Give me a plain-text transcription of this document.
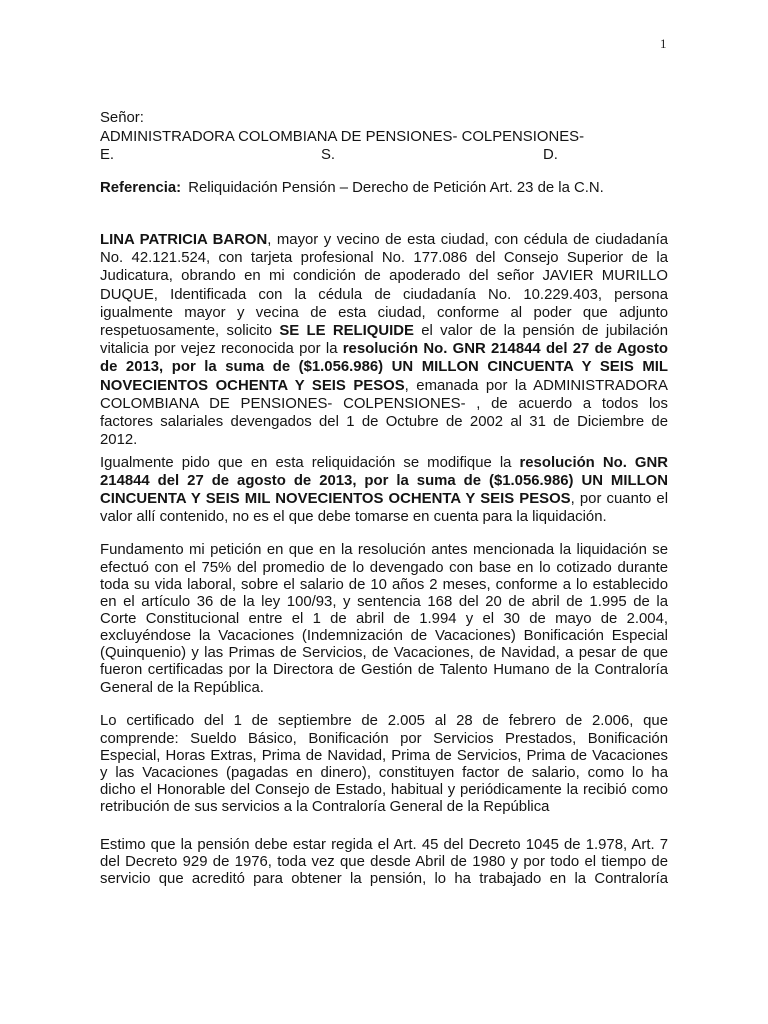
1
Señor:
ADMINISTRADORA COLOMBIANA DE PENSIONES- COLPENSIONES-
E.	S.	D.
Referencia: Reliquidación Pensión – Derecho de Petición Art. 23 de la C.N.
LINA PATRICIA BARON, mayor y vecino de esta ciudad, con cédula de ciudadanía
No. 42.121.524, con tarjeta profesional No. 177.086 del Consejo Superior de la
Judicatura, obrando en mi condición de apoderado del señor JAVIER MURILLO
DUQUE, Identificada con la cédula de ciudadanía No. 10.229.403, persona
igualmente mayor y vecina de esta ciudad, conforme al poder que adjunto
respetuosamente, solicito SE LE RELIQUIDE el valor de la pensión de jubilación
vitalicia por vejez reconocida por la resolución No. GNR 214844 del 27 de Agosto
de 2013, por la suma de ($1.056.986) UN MILLON CINCUENTA Y SEIS MIL
NOVECIENTOS OCHENTA Y SEIS PESOS, emanada por la ADMINISTRADORA
COLOMBIANA DE PENSIONES- COLPENSIONES- , de acuerdo a todos los
factores salariales devengados del 1 de Octubre de 2002 al 31 de Diciembre de
2012.
Igualmente pido que en esta reliquidación se modifique la resolución No. GNR
214844 del 27 de agosto de 2013, por la suma de ($1.056.986) UN MILLON
CINCUENTA Y SEIS MIL NOVECIENTOS OCHENTA Y SEIS PESOS, por cuanto el
valor allí contenido, no es el que debe tomarse en cuenta para la liquidación.
Fundamento mi petición en que en la resolución antes mencionada la liquidación se
efectuó con el 75% del promedio de lo devengado con base en lo cotizado durante
toda su vida laboral, sobre el salario de 10 años 2 meses, conforme a lo establecido
en el artículo 36 de la ley 100/93, y sentencia 168 del 20 de abril de 1.995 de la
Corte Constitucional entre el 1 de abril de 1.994 y el 30 de mayo de 2.004,
excluyéndose la Vacaciones (Indemnización de Vacaciones) Bonificación Especial
(Quinquenio) y las Primas de Servicios, de Vacaciones, de Navidad, a pesar de que
fueron certificadas por la Directora de Gestión de Talento Humano de la Contraloría
General de la República.
Lo certificado del 1 de septiembre de 2.005 al 28 de febrero de 2.006, que
comprende: Sueldo Básico, Bonificación por Servicios Prestados, Bonificación
Especial, Horas Extras, Prima de Navidad, Prima de Servicios, Prima de Vacaciones
y las Vacaciones (pagadas en dinero), constituyen factor de salario, como lo ha
dicho el Honorable del Consejo de Estado, habitual y periódicamente la recibió como
retribución de sus servicios a la Contraloría General de la República
Estimo que la pensión debe estar regida el Art. 45 del Decreto 1045 de 1.978, Art. 7
del Decreto 929 de 1976, toda vez que desde Abril de 1980 y por todo el tiempo de
servicio que acreditó para obtener la pensión, lo ha trabajado en la Contraloría
